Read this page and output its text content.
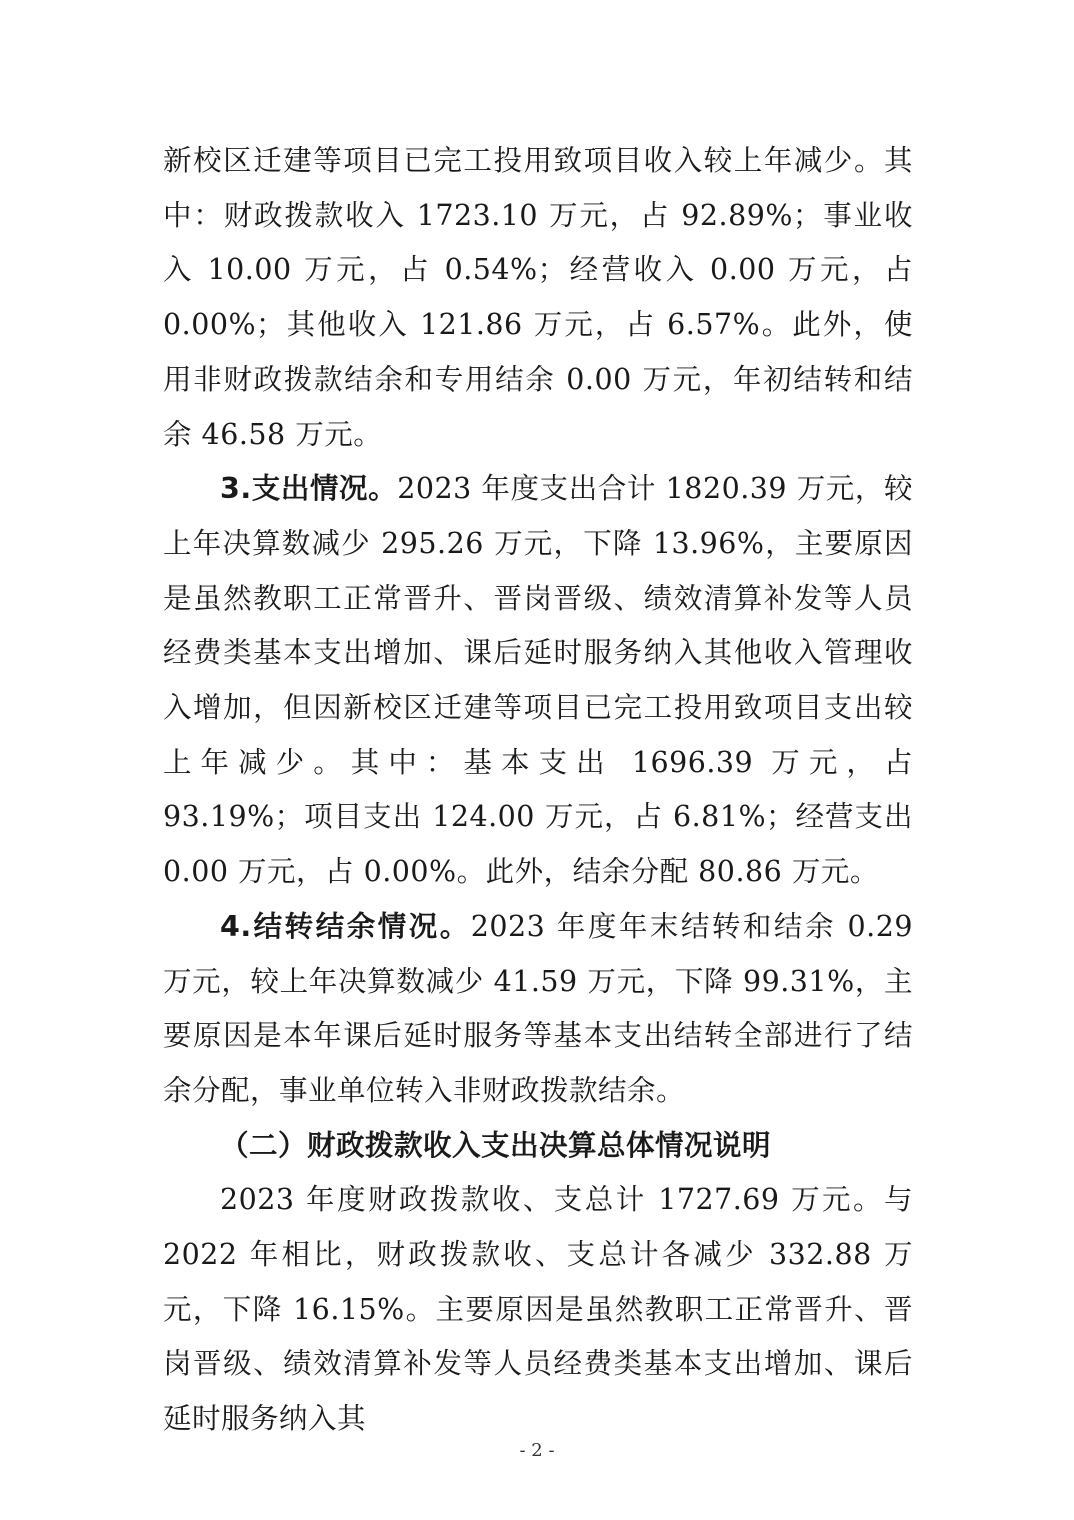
新校区迁建等项目已完工投用致项目收入较上年减少。其中：财政拨款收入 1723.10 万元，占 92.89%；事业收入 10.00 万元，占 0.54%；经营收入 0.00 万元，占 0.00%；其他收入 121.86 万元，占 6.57%。此外，使用非财政拨款结余和专用结余 0.00 万元，年初结转和结余 46.58 万元。

3.支出情况。2023 年度支出合计 1820.39 万元，较上年决算数减少 295.26 万元，下降 13.96%，主要原因是虽然教职工正常晋升、晋岗晋级、绩效清算补发等人员经费类基本支出增加、课后延时服务纳入其他收入管理收入增加，但因新校区迁建等项目已完工投用致项目支出较上年减少。其中：基本支出 1696.39 万元，占 93.19%；项目支出 124.00 万元，占 6.81%；经营支出 0.00 万元，占 0.00%。此外，结余分配 80.86 万元。

4.结转结余情况。2023 年度年末结转和结余 0.29 万元，较上年决算数减少 41.59 万元，下降 99.31%，主要原因是本年课后延时服务等基本支出结转全部进行了结余分配，事业单位转入非财政拨款结余。

（二）财政拨款收入支出决算总体情况说明

2023 年度财政拨款收、支总计 1727.69 万元。与 2022 年相比，财政拨款收、支总计各减少 332.88 万元，下降 16.15%。主要原因是虽然教职工正常晋升、晋岗晋级、绩效清算补发等人员经费类基本支出增加、课后延时服务纳入其

- 2 -
